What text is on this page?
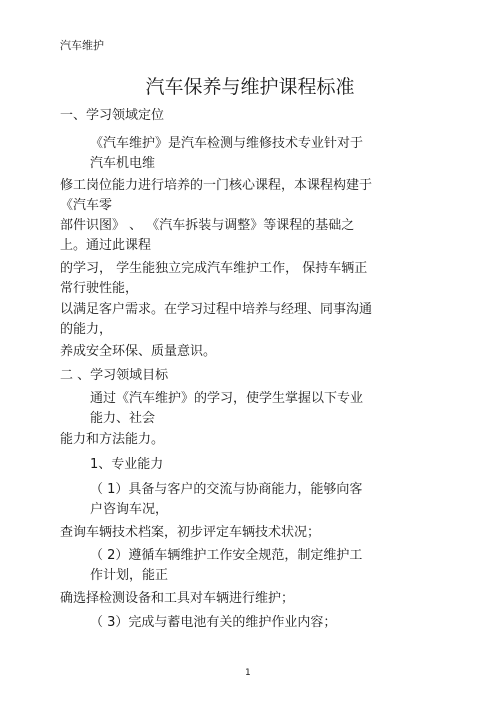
汽车维护
汽车保养与维护课程标准
一、学习领域定位
《汽车维护》是汽车检测与维修技术专业针对于汽车机电维
修工岗位能力进行培养的一门核心课程，本课程构建于《汽车零
部件识图》 、 《汽车拆装与调整》等课程的基础之上。通过此课程
的学习， 学生能独立完成汽车维护工作， 保持车辆正常行驶性能，
以满足客户需求。在学习过程中培养与经理、同事沟通的能力，
养成安全环保、质量意识。
二 、学习领域目标
通过《汽车维护》的学习，使学生掌握以下专业能力、社会
能力和方法能力。
1、专业能力
（ 1）具备与客户的交流与协商能力，能够向客户咨询车况，
查询车辆技术档案，初步评定车辆技术状况；
（ 2）遵循车辆维护工作安全规范，制定维护工作计划，能正
确选择检测设备和工具对车辆进行维护；
（ 3）完成与蓄电池有关的维护作业内容；
1
